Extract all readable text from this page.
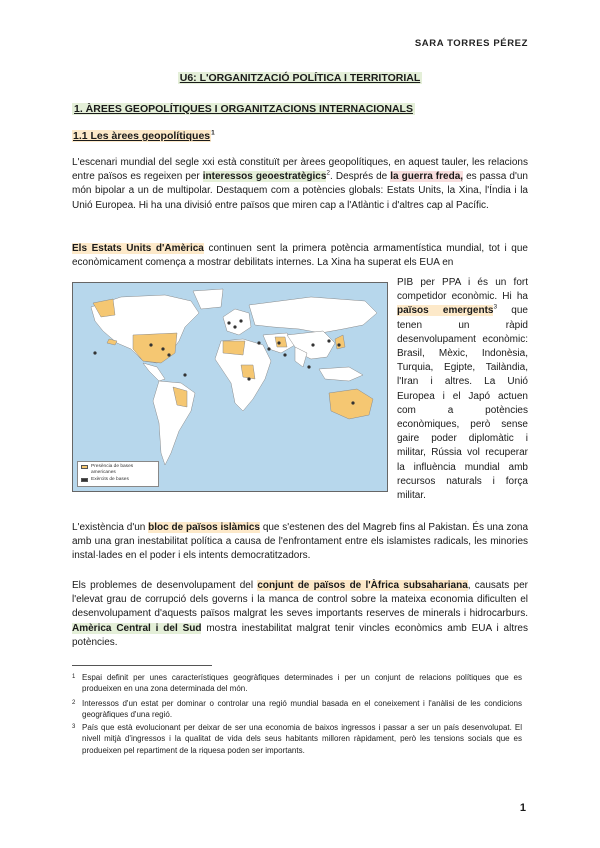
SARA TORRES PÉREZ
U6: L'ORGANITZACIÓ POLÍTICA I TERRITORIAL
1. ÀREES GEOPOLÍTIQUES I ORGANITZACIONS INTERNACIONALS
1.1 Les àrees geopolítiques$^1$

L'escenari mundial del segle xxi està constituït per àrees geopolítiques, en aquest tauler, les relacions entre països es regeixen per interessos geoestratègics$^2$. Després de la guerra freda, es passa d'un món bipolar a un de multipolar. Destaquem com a potències globals: Estats Units, la Xina, l'Índia i la Unió Europea. Hi ha una divisió entre països que miren cap a l'Atlàntic i d'altres cap al Pacífic.

Els Estats Units d'Amèrica continuen sent la primera potència armamentística mundial, tot i que econòmicament comença a mostrar debilitats internes. La Xina ha superat els EUA en

Presència de bases americanes
Exèrcits de bases

PIB per PPA i és un fort competidor econòmic. Hi ha països emergents$^3$ que tenen un ràpid desenvolupament econòmic: Brasil, Mèxic, Indonèsia, Turquia, Egipte, Tailàndia, l'Iran i altres. La Unió Europea i el Japó actuen com a potències econòmiques, però sense gaire poder diplomàtic i militar, Rússia vol recuperar la influència mundial amb recursos naturals i força militar.

L'existència d'un bloc de països islàmics que s'estenen des del Magreb fins al Pakistan. És una zona amb una gran inestabilitat política a causa de l'enfrontament entre els islamistes radicals, les minories instal·lades en el poder i els intents democratitzadors.

Els problemes de desenvolupament del conjunt de països de l'Àfrica subsahariana, causats per l'elevat grau de corrupció dels governs i la manca de control sobre la mateixa economia dificulten el desenvolupament d'aquests països malgrat les seves importants reserves de minerals i hidrocarburs. Amèrica Central i del Sud mostra inestabilitat malgrat tenir vincles econòmics amb EUA i altres potències.

1 Espai definit per unes característiques geogràfiques determinades i per un conjunt de relacions polítiques que es produeixen en una zona determinada del món.
2 Interessos d'un estat per dominar o controlar una regió mundial basada en el coneixement i l'anàlisi de les condicions geogràfiques d'una regió.
3 País que està evolucionant per deixar de ser una economia de baixos ingressos i passar a ser un país desenvolupat. El nivell mitjà d'ingressos i la qualitat de vida dels seus habitants milloren ràpidament, però les tensions socials que es produeixen pel repartiment de la riquesa poden ser importants.
1
